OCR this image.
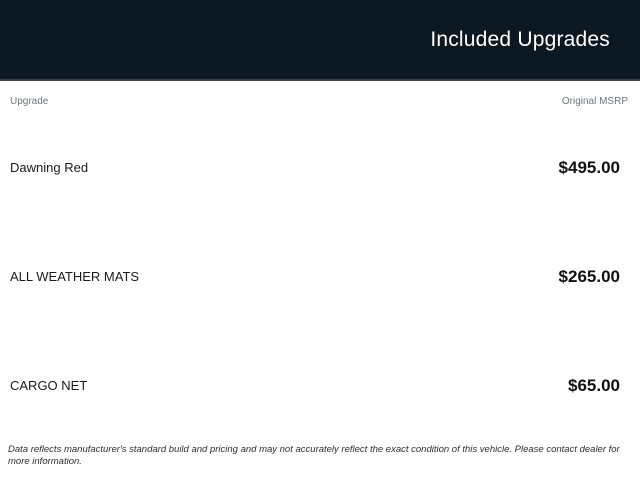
Included Upgrades
Upgrade	Original MSRP
Dawning Red	$495.00
ALL WEATHER MATS	$265.00
CARGO NET	$65.00
Data reflects manufacturer's standard build and pricing and may not accurately reflect the exact condition of this vehicle. Please contact dealer for more information.
